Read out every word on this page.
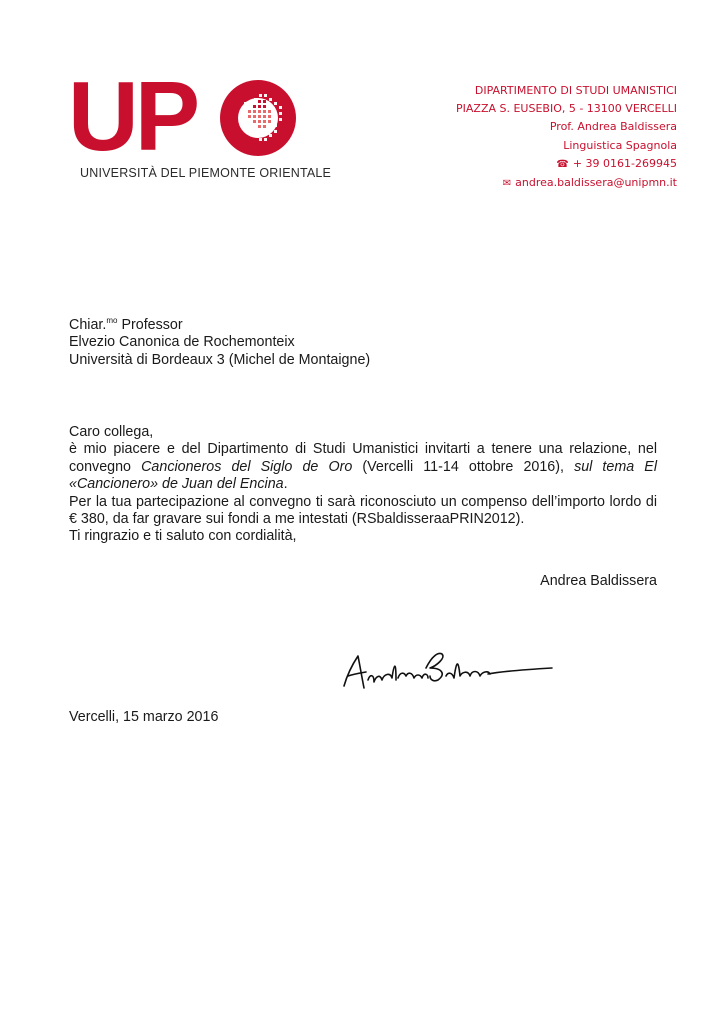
UP
UNIVERSITÀ DEL PIEMONTE ORIENTALE
DIPARTIMENTO DI STUDI UMANISTICI
PIAZZA S. EUSEBIO, 5 - 13100 VERCELLI
Prof. Andrea Baldissera
Linguistica Spagnola
☎ + 39 0161-269945
✉ andrea.baldissera@unipmn.it
Chiar.$^{mo}$ Professor
Elvezio Canonica de Rochemonteix
Università di Bordeaux 3 (Michel de Montaigne)

Caro collega,

è mio piacere e del Dipartimento di Studi Umanistici invitarti a tenere una relazione, nel convegno Cancioneros del Siglo de Oro (Vercelli 11-14 ottobre 2016), sul tema El «Cancionero» de Juan del Encina.

Per la tua partecipazione al convegno ti sarà riconosciuto un compenso dell’importo lordo di € 380, da far gravare sui fondi a me intestati (RSbaldisseraaPRIN2012).

Ti ringrazio e ti saluto con cordialità,

Andrea Baldissera
Vercelli, 15 marzo 2016
